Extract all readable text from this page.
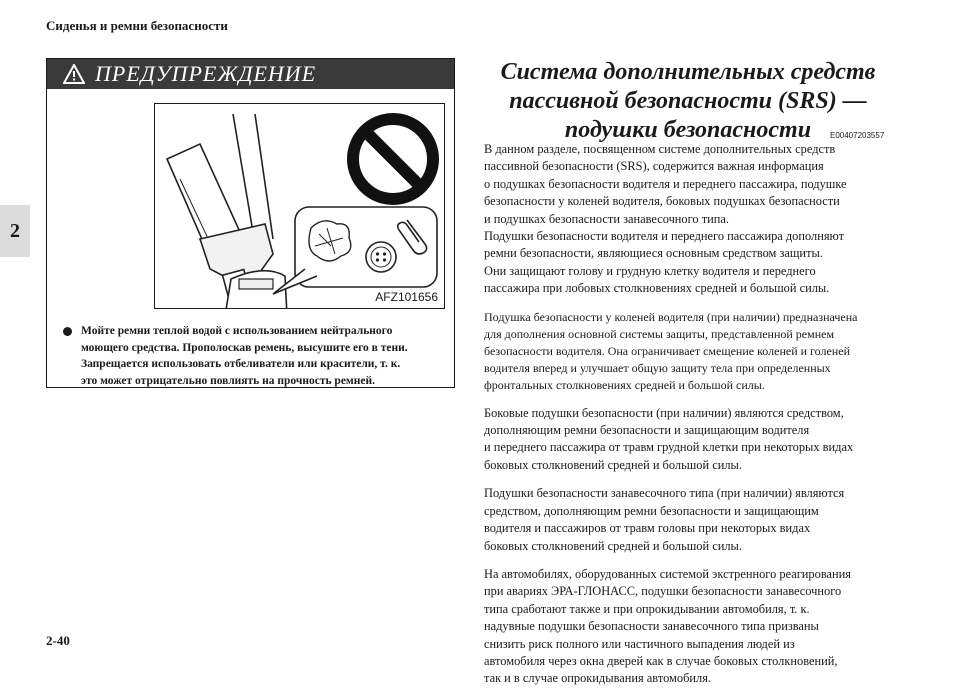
Сиденья и ремни безопасности
2
2-40
ПРЕДУПРЕЖДЕНИЕ
AFZ101656
Мойте ремни теплой водой с использованием нейтрального
моющего средства. Прополоскав ремень, высушите его в тени.
Запрещается использовать отбеливатели или красители, т. к.
это может отрицательно повлиять на прочность ремней.
Система дополнительных средств
пассивной безопасности (SRS) —
подушки безопасности	E00407203557

В данном разделе, посвященном системе дополнительных средств
пассивной безопасности (SRS), содержится важная информация
о подушках безопасности водителя и переднего пассажира, подушке
безопасности у коленей водителя, боковых подушках безопасности
и подушках безопасности занавесочного типа.

Подушки безопасности водителя и переднего пассажира дополняют
ремни безопасности, являющиеся основным средством защиты.
Они защищают голову и грудную клетку водителя и переднего
пассажира при лобовых столкновениях средней и большой силы.

Подушка безопасности у коленей водителя (при наличии) предназначена
для дополнения основной системы защиты, представленной ремнем
безопасности водителя. Она ограничивает смещение коленей и голеней
водителя вперед и улучшает общую защиту тела при определенных
фронтальных столкновениях средней и большой силы.

Боковые подушки безопасности (при наличии) являются средством,
дополняющим ремни безопасности и защищающим водителя
и переднего пассажира от травм грудной клетки при некоторых видах
боковых столкновений средней и большой силы.

Подушки безопасности занавесочного типа (при наличии) являются
средством, дополняющим ремни безопасности и защищающим
водителя и пассажиров от травм головы при некоторых видах
боковых столкновений средней и большой силы.

На автомобилях, оборудованных системой экстренного реагирования
при авариях ЭРА-ГЛОНАСС, подушки безопасности занавесочного
типа сработают также и при опрокидывании автомобиля, т. к.
надувные подушки безопасности занавесочного типа призваны
снизить риск полного или частичного выпадения людей из
автомобиля через окна дверей как в случае боковых столкновений,
так и в случае опрокидывания автомобиля.
